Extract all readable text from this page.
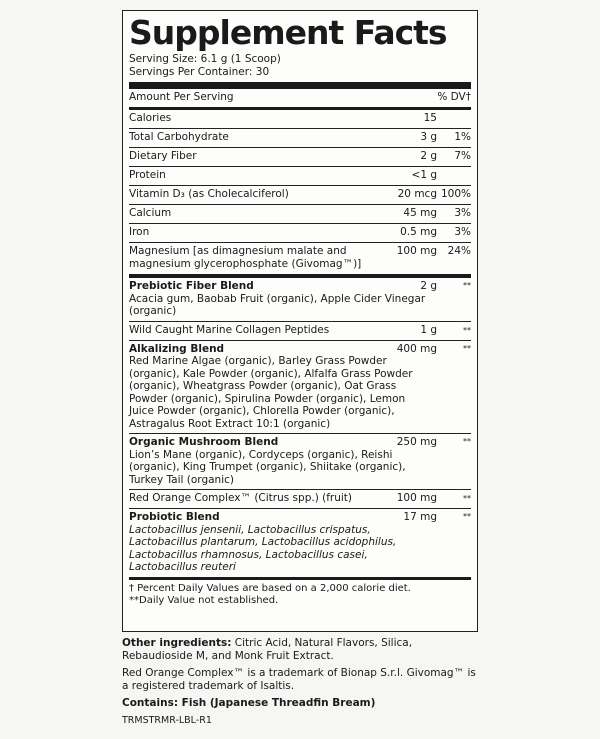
Supplement Facts
Serving Size: 6.1 g (1 Scoop)
Servings Per Container: 30
Amount Per Serving	% DV†
Calories	15
Total Carbohydrate	3 g	1%
Dietary Fiber	2 g	7%
Protein	<1 g
Vitamin D₃ (as Cholecalciferol)	20 mcg 100%
Calcium	45 mg	3%
Iron	0.5 mg	3%
Magnesium [as dimagnesium malate and magnesium glycerophosphate (Givomag™)]
100 mg	24%
Prebiotic Fiber Blend	2 g	**
Acacia gum, Baobab Fruit (organic), Apple Cider Vinegar (organic)
Wild Caught Marine Collagen Peptides	1 g	**
Alkalizing Blend	400 mg	**
Red Marine Algae (organic), Barley Grass Powder (organic), Kale Powder (organic), Alfalfa Grass Powder (organic), Wheatgrass Powder (organic), Oat Grass Powder (organic), Spirulina Powder (organic), Lemon Juice Powder (organic), Chlorella Powder (organic), Astragalus Root Extract 10:1 (organic)
Organic Mushroom Blend	250 mg	**
Lion’s Mane (organic), Cordyceps (organic), Reishi (organic), King Trumpet (organic), Shiitake (organic), Turkey Tail (organic)
Red Orange Complex™ (Citrus spp.) (fruit)	100 mg	**
Probiotic Blend	17 mg	**
Lactobacillus jensenii, Lactobacillus crispatus, Lactobacillus plantarum, Lactobacillus acidophilus, Lactobacillus rhamnosus, Lactobacillus casei, Lactobacillus reuteri
† Percent Daily Values are based on a 2,000 calorie diet.
**Daily Value not established.

Other ingredients: Citric Acid, Natural Flavors, Silica, Rebaudioside M, and Monk Fruit Extract.

Red Orange Complex™ is a trademark of Bionap S.r.l. Givomag™ is a registered trademark of Isaltis.

Contains: Fish (Japanese Threadfin Bream)

TRMSTRMR-LBL-R1
